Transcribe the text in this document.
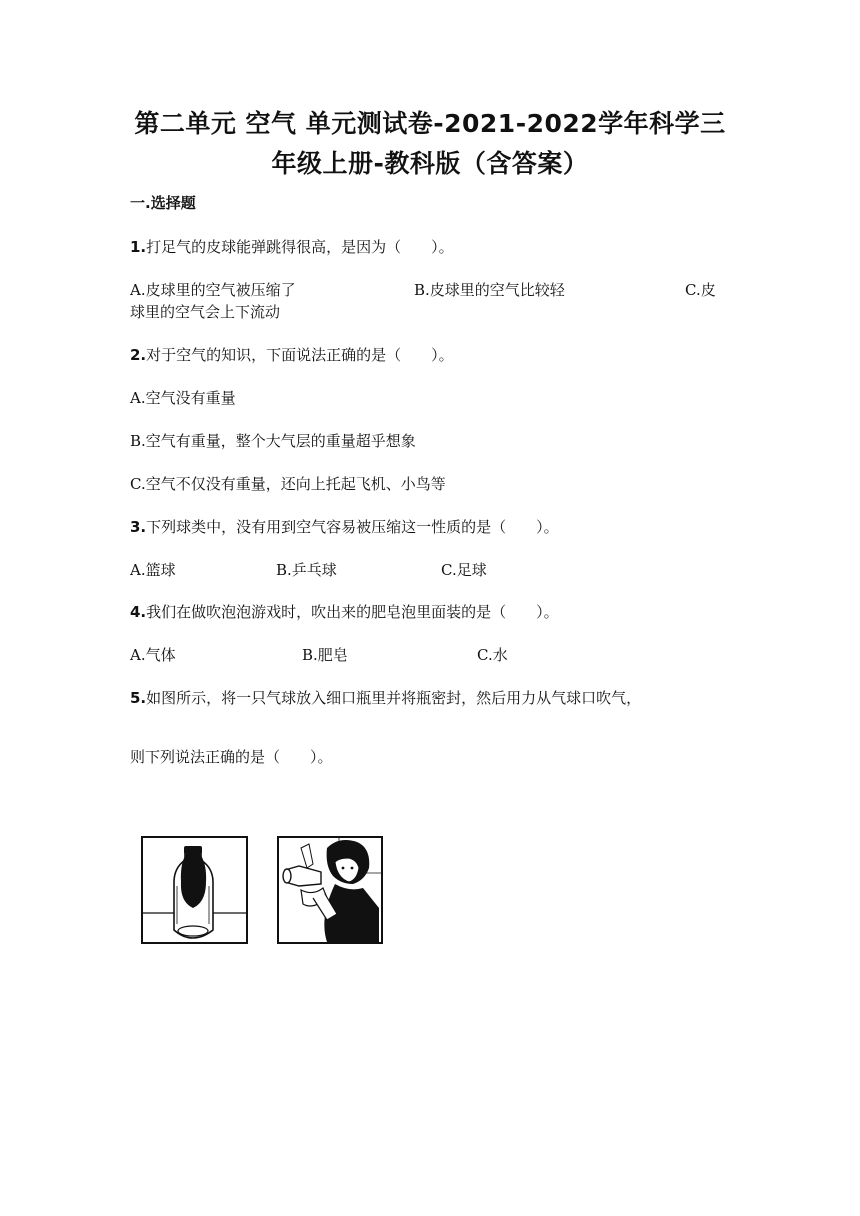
第二单元 空气 单元测试卷-2021-2022学年科学三
年级上册-教科版（含答案）
一.选择题
1.打足气的皮球能弹跳得很高，是因为（　　）。
A.皮球里的空气被压缩了	B.皮球里的空气比较轻	C.皮
球里的空气会上下流动
2.对于空气的知识，下面说法正确的是（　　）。
A.空气没有重量
B.空气有重量，整个大气层的重量超乎想象
C.空气不仅没有重量，还向上托起飞机、小鸟等
3.下列球类中，没有用到空气容易被压缩这一性质的是（　　）。
A.篮球	B.乒乓球	C.足球
4.我们在做吹泡泡游戏时，吹出来的肥皂泡里面装的是（　　）。
A.气体	B.肥皂	C.水
5.如图所示，将一只气球放入细口瓶里并将瓶密封，然后用力从气球口吹气，
则下列说法正确的是（　　）。
